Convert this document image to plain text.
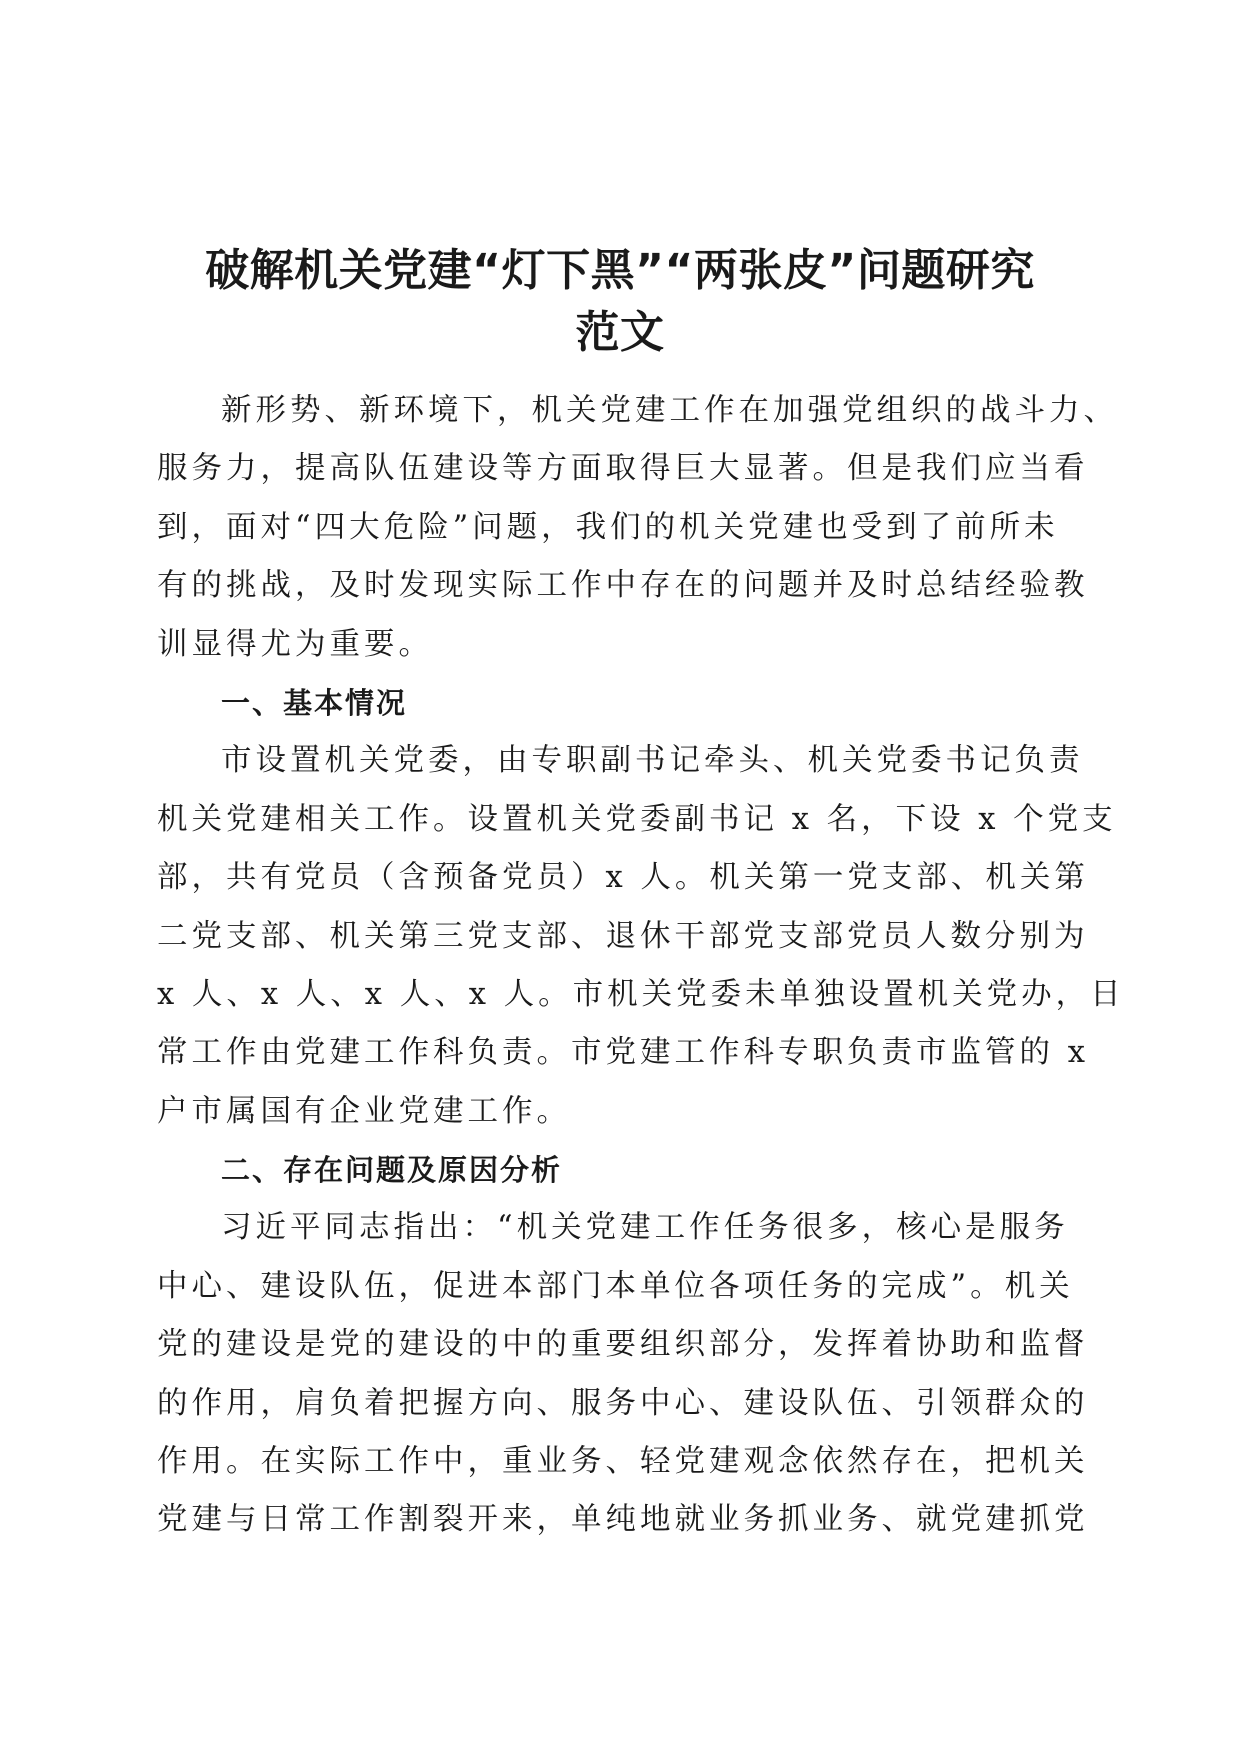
破解机关党建“灯下黑”“两张皮”问题研究
范文
新形势、新环境下，机关党建工作在加强党组织的战斗力、
服务力，提高队伍建设等方面取得巨大显著。但是我们应当看
到，面对“四大危险”问题，我们的机关党建也受到了前所未
有的挑战，及时发现实际工作中存在的问题并及时总结经验教
训显得尤为重要。
一、基本情况
市设置机关党委，由专职副书记牵头、机关党委书记负责
机关党建相关工作。设置机关党委副书记 x 名，下设 x 个党支
部，共有党员（含预备党员）x 人。机关第一党支部、机关第
二党支部、机关第三党支部、退休干部党支部党员人数分别为
x 人、x 人、x 人、x 人。市机关党委未单独设置机关党办，日
常工作由党建工作科负责。市党建工作科专职负责市监管的 x
户市属国有企业党建工作。
二、存在问题及原因分析
习近平同志指出：“机关党建工作任务很多，核心是服务
中心、建设队伍，促进本部门本单位各项任务的完成”。机关
党的建设是党的建设的中的重要组织部分，发挥着协助和监督
的作用，肩负着把握方向、服务中心、建设队伍、引领群众的
作用。在实际工作中，重业务、轻党建观念依然存在，把机关
党建与日常工作割裂开来，单纯地就业务抓业务、就党建抓党
